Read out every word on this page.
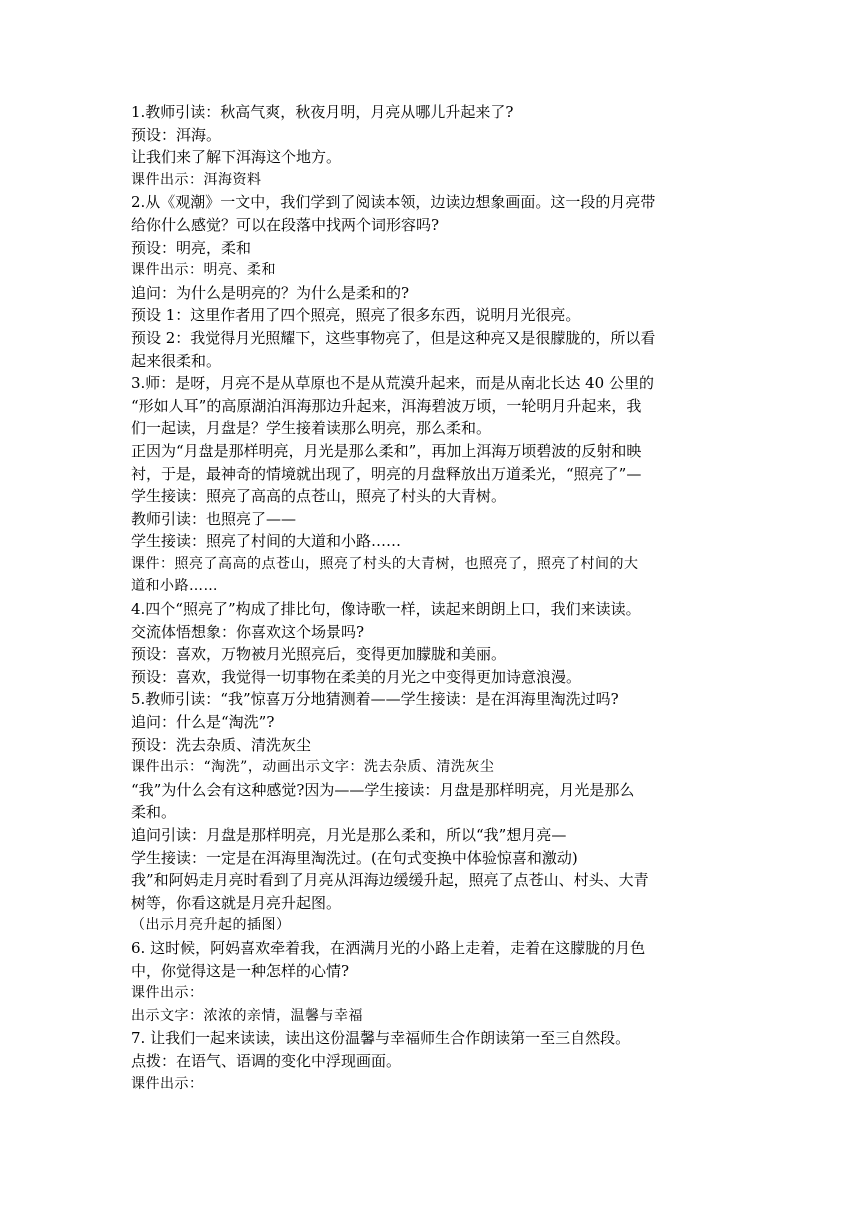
1.教师引读：秋高气爽，秋夜月明，月亮从哪儿升起来了?

预设：洱海。

让我们来了解下洱海这个地方。

课件出示：洱海资料

2.从《观潮》一文中，我们学到了阅读本领，边读边想象画面。这一段的月亮带

给你什么感觉？可以在段落中找两个词形容吗?

预设：明亮，柔和

课件出示：明亮、柔和

追问：为什么是明亮的？为什么是柔和的?

预设 1：这里作者用了四个照亮，照亮了很多东西，说明月光很亮。

预设 2：我觉得月光照耀下，这些事物亮了，但是这种亮又是很朦胧的，所以看

起来很柔和。

3.师：是呀，月亮不是从草原也不是从荒漠升起来，而是从南北长达 40 公里的

“形如人耳”的高原湖泊洱海那边升起来，洱海碧波万顷，一轮明月升起来，我

们一起读，月盘是？学生接着读那么明亮，那么柔和。

正因为“月盘是那样明亮，月光是那么柔和”，再加上洱海万顷碧波的反射和映

衬，于是，最神奇的情境就出现了，明亮的月盘释放出万道柔光，“照亮了”—

学生接读：照亮了高高的点苍山，照亮了村头的大青树。

教师引读：也照亮了——

学生接读：照亮了村间的大道和小路……

课件：照亮了高高的点苍山，照亮了村头的大青树，也照亮了，照亮了村间的大

道和小路……

4.四个“照亮了”构成了排比句，像诗歌一样，读起来朗朗上口，我们来读读。

交流体悟想象：你喜欢这个场景吗?

预设：喜欢，万物被月光照亮后，变得更加朦胧和美丽。

预设：喜欢，我觉得一切事物在柔美的月光之中变得更加诗意浪漫。

5.教师引读：“我”惊喜万分地猜测着——学生接读：是在洱海里淘洗过吗?

追问：什么是“淘洗”?

预设：洗去杂质、清洗灰尘

课件出示：“淘洗”，动画出示文字：洗去杂质、清洗灰尘

“我”为什么会有这种感觉?因为——学生接读：月盘是那样明亮，月光是那么

柔和。

追问引读：月盘是那样明亮，月光是那么柔和，所以“我”想月亮—

学生接读：一定是在洱海里淘洗过。(在句式变换中体验惊喜和激动)

我”和阿妈走月亮时看到了月亮从洱海边缓缓升起，照亮了点苍山、村头、大青

树等，你看这就是月亮升起图。

（出示月亮升起的插图）

6. 这时候，阿妈喜欢牵着我，在洒满月光的小路上走着，走着在这朦胧的月色

中，你觉得这是一种怎样的心情?

课件出示：

出示文字：浓浓的亲情，温馨与幸福

7. 让我们一起来读读，读出这份温馨与幸福师生合作朗读第一至三自然段。

点拨：在语气、语调的变化中浮现画面。

课件出示：
